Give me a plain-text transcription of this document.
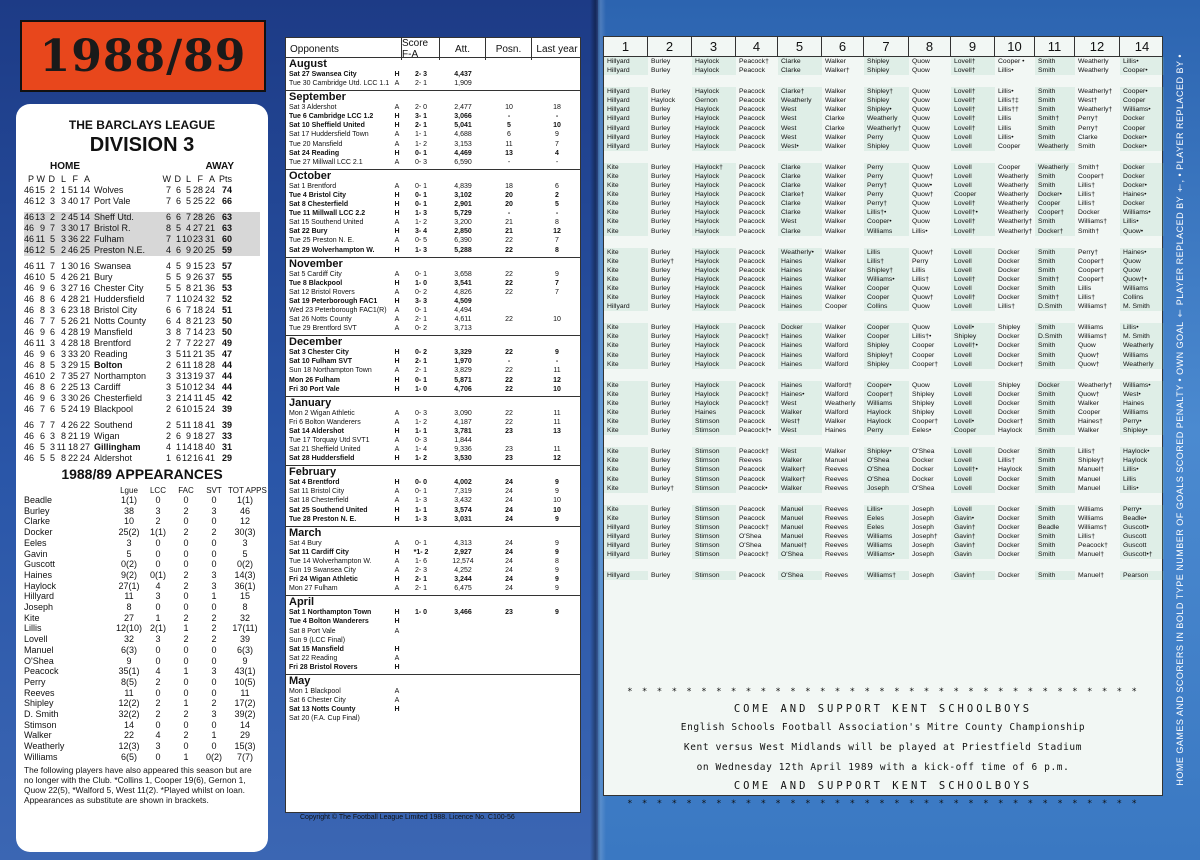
1988/89
THE BARCLAYS LEAGUE
DIVISION 3
HOME	AWAY
P W D L F A	W D L F A Pts
46 15 2 1 51 14 Wolves	7 6 5 28 24 74
46 12 3 3 40 17 Port Vale	7 6 5 25 22 66
46 13 2 2 45 14 Sheff Utd.	6 6 7 28 26 63
46 9 7 3 30 17 Bristol R.	8 5 4 27 21 63
46 11 5 3 36 22 Fulham	7 1 10 23 31 60
46 12 5 2 46 25 Preston N.E.	4 6 9 20 25 59
46 11 7 1 30 16 Swansea	4 5 9 15 23 57
46 10 5 4 26 21 Bury	5 5 9 26 37 55
46 9 6 3 27 16 Chester City	5 5 8 21 36 53
46 8 6 4 28 21 Huddersfield	7 1 10 24 32 52
46 8 3 6 23 18 Bristol City	6 6 7 18 24 51
46 7 7 5 26 21 Notts County	6 4 8 21 23 50
46 9 6 4 28 19 Mansfield	3 8 7 14 23 50
46 11 3 4 28 18 Brentford	2 7 7 22 27 49
46 9 6 3 33 20 Reading	3 5 11 21 35 47
46 8 5 3 29 15 Bolton	2 6 11 18 28 44
46 10 2 7 35 27 Northampton	3 3 13 19 37 44
46 8 6 2 25 13 Cardiff	3 5 10 12 34 44
46 9 6 3 30 26 Chesterfield	3 2 14 11 45 42
46 7 6 5 24 19 Blackpool	2 6 10 15 24 39
46 7 7 4 26 22 Southend	2 5 11 18 41 39
46 6 3 8 21 19 Wigan	2 6 9 18 27 33
46 5 3 11 18 27 Gillingham	4 1 14 18 40 31
46 5 5 8 22 24 Aldershot	1 6 12 16 41 29
1988/89 APPEARANCES
Lgue	LCC	FAC	SVT TOT APPS
Beadle	1(1)	0	0	0	1(1)
Burley	38	3	2	3	46
Clarke	10	2	0	0	12
Docker	25(2)	1(1)	2	2	30(3)
Eeles	3	0	0	0	3
Gavin	5	0	0	0	5
Guscott	0(2)	0	0	0	0(2)
Haines	9(2)	0(1)	2	3	14(3)
Haylock	27(1)	4	2	3	36(1)
Hillyard	11	3	0	1	15
Joseph	8	0	0	0	8
Kite	27	1	2	2	32
Lillis	12(10) 2(1)	1	2	17(11)
Lovell	32	3	2	2	39
Manuel	6(3)	0	0	0	6(3)
O'Shea	9	0	0	0	9
Peacock	35(1)	4	1	3	43(1)
Perry	8(5)	2	0	0	10(5)
Reeves	11	0	0	0	11
Shipley	12(2)	2	1	2	17(2)
D. Smith	32(2)	2	2	3	39(2)
Stimson	14	0	0	0	14
Walker	22	4	2	1	29
Weatherly	12(3)	3	0	0	15(3)
Williams	6(5)	0	1	0(2)	7(7)
The following players have also appeared this season but are no longer with the Club. *Collins 1, Cooper 19(6), Gernon 1, Quow 22(5), *Walford 5, West 11(2). *Played whilst on loan. Appearances as substitute are shown in brackets.
Opponents	Score F-A	Att.	Posn.	Last year
August
Sat 27 Swansea City	H	2- 3	4,437
Tue 30 Cambridge Utd. LCC 1.1 A	2- 1	1,909
September
Sat 3 Aldershot	A	2- 0	2,477	10	18
Tue 6 Cambridge LCC 1.2	H	3- 1	3,066	-	-
Sat 10 Sheffield United	H	2- 1	5,041	5	10
Sat 17 Huddersfield Town	A	1- 1	4,688	6	9
Tue 20 Mansfield	A	1- 2	3,153	11	7
Sat 24 Reading	H	0- 1	4,469	13	4
Tue 27 Millwall LCC 2.1	A	0- 3	6,590	-	-
October
Sat 1 Brentford	A	0- 1	4,839	18	6
Tue 4 Bristol City	H	0- 1	3,102	20	2
Sat 8 Chesterfield	H	0- 1	2,901	20	5
Tue 11 Millwall LCC 2.2	H	1- 3	5,729	-	-
Sat 15 Southend United	A	1- 2	3,200	21	8
Sat 22 Bury	H	3- 4	2,850	21	12
Tue 25 Preston N. E.	A	0- 5	6,390	22	7
Sat 29 Wolverhampton W.	H	1- 3	5,288	22	8
November
Sat 5 Cardiff City	A	0- 1	3,658	22	9
Tue 8 Blackpool	H	1- 0	3,541	22	7
Sat 12 Bristol Rovers	A	0- 2	4,826	22	7
Sat 19 Peterborough FAC1	H	3- 3	4,509
Wed 23 Peterborough FAC1(R)	A	0- 1	4,494
Sat 26 Notts County	A	2- 1	4,611	22	10
Tue 29 Brentford SVT	A	0- 2	3,713
December
Sat 3 Chester City	H	0- 2	3,329	22	9
Sat 10 Fulham SVT	H	2- 1	1,970	-	-
Sun 18 Northampton Town	A	2- 1	3,829	22	11
Mon 26 Fulham	H	0- 1	5,871	22	12
Fri 30 Port Vale	H	1- 0	4,706	22	10
January
Mon 2 Wigan Athletic	A	0- 3	3,090	22	11
Fri 6 Bolton Wanderers	A	1- 2	4,187	22	11
Sat 14 Aldershot	H	1- 1	3,781	23	13
Tue 17 Torquay Utd SVT1	A	0- 3	1,844
Sat 21 Sheffield United	A	1- 4	9,336	23	11
Sat 28 Huddersfield	H	1- 2	3,530	23	12
February
Sat 4 Brentford	H	0- 0	4,002	24	9
Sat 11 Bristol City	A	0- 1	7,319	24	9
Sat 18 Chesterfield	A	1- 3	3,432	24	10
Sat 25 Southend United	H	1- 1	3,574	24	10
Tue 28 Preston N. E.	H	1- 3	3,031	24	9
March
Sat 4 Bury	A	0- 1	4,313	24	9
Sat 11 Cardiff City	H	*1- 2	2,927	24	9
Tue 14 Wolverhampton W.	A	1- 6	12,574	24	8
Sun 19 Swansea City	A	2- 3	4,252	24	9
Fri 24 Wigan Athletic	H	2- 1	3,244	24	9
Mon 27 Fulham	A	2- 1	6,475	24	9
April
Sat 1 Northampton Town	H	1- 0	3,466	23	9
Tue 4 Bolton Wanderers	H
Sat 8 Port Vale	A
Sun 9 (LCC Final)
Sat 15 Mansfield	H
Sat 22 Reading	A
Fri 28 Bristol Rovers	H
May
Mon 1 Blackpool	A
Sat 6 Chester City	A
Sat 13 Notts County	H
Sat 20 (F.A. Cup Final)
Copyright © The Football League Limited 1988. Licence No. C100-56
1	2	3	4	5	6	7	8	9	10	11	12	14
Hillyard	Burley	Haylock	Peacock†	Clarke	Walker	Shipley	Quow	Lovell†	Cooper •	Smith	Weatherly	Lillis•
Hillyard	Burley	Haylock	Peacock	Clarke	Walker†	Shipley	Quow	Lovell†	Lillis•	Smith	Weatherly	Cooper•
Hillyard	Burley	Haylock	Peacock	Clarke†	Walker	Shipley†	Quow	Lovell†	Lillis•	Smith	Weatherly†	Cooper•
Hillyard	Haylock	Gernon	Peacock	Weatherly	Walker	Shipley	Quow	Lovell†	Lillis†‡	Smith	West†	Cooper
Hillyard	Burley	Haylock	Peacock	West	Walker	Shipley•	Quow	Lovell†	Lillis††	Smith	Weatherly†	Williams•
Hillyard	Burley	Haylock	Peacock	West	Clarke	Weatherly	Quow	Lovell†	Lillis	Smith†	Perry†	Docker
Hillyard	Burley	Haylock	Peacock	West	Clarke	Weatherly†	Quow	Lovell†	Lillis	Smith	Perry†	Cooper
Hillyard	Burley	Haylock	Peacock	West	Walker	Perry	Quow	Lovell	Lillis•	Smith	Clarke	Docker•
Hillyard	Burley	Haylock	Peacock	West•	Walker	Shipley	Quow	Lovell	Cooper	Weatherly	Smith	Docker•
Kite	Burley	Haylock†	Peacock	Clarke	Walker	Perry	Quow	Lovell	Cooper	Weatherly	Smith†	Docker
Kite	Burley	Haylock	Peacock	Clarke	Walker	Perry	Quow†	Lovell	Weatherly	Smith	Cooper†	Docker
Kite	Burley	Haylock	Peacock	Clarke	Walker	Perry†	Quow•	Lovell	Weatherly	Smith	Lillis†	Docker•
Kite	Burley	Haylock	Peacock	Clarke†	Walker	Perry	Quow†	Cooper	Weatherly	Docker•	Lillis†	Haines•
Kite	Burley	Haylock	Peacock	Clarke	Walker	Perry†	Quow	Lovell†	Weatherly	Cooper	Lillis†	Docker
Kite	Burley	Haylock	Peacock	Clarke	Walker	Lillis†•	Quow	Lovell†•	Weatherly	Cooper†	Docker	Williams•
Kite	Burley	Haylock	Peacock	West	Walker	Cooper•	Quow	Lovell†	Weatherly† Smith	Williams†	Lillis•
Kite	Burley	Haylock	Peacock	Clarke	Walker	Williams	Lillis•	Lovell†	Weatherly† Docker†	Smith†	Quow•
Kite	Burley	Haylock	Peacock	Weatherly•	Walker	Lillis	Quow†	Lovell	Docker	Smith	Perry†	Haines•
Kite	Burley†	Haylock	Peacock	Haines	Walker	Lillis†	Perry	Lovell	Docker	Smith	Cooper†	Quow
Kite	Burley	Haylock	Peacock	Haines	Walker	Shipley†	Lillis	Lovell	Docker	Smith	Cooper†	Quow
Kite	Burley	Haylock	Peacock	Haines	Walker	Williams•	Lillis†	Lovell†	Docker	Smith†	Cooper†	Quow†•
Kite	Burley	Haylock	Peacock	Haines	Walker	Cooper	Quow	Lovell	Docker	Smith	Lillis	Williams
Kite	Burley	Haylock	Peacock	Haines	Walker	Cooper	Quow†	Lovell†	Docker	Smith†	Lillis†	Collins
Hillyard	Burley	Haylock	Peacock	Haines	Cooper	Collins	Quow	Lovell	Lillis†	D.Smith	Williams†	M. Smith
Kite	Burley	Haylock	Peacock	Docker	Walker	Cooper	Quow	Lovell•	Shipley	Smith	Williams	Lillis•
Kite	Burley	Haylock	Peacock†	Haines	Walker	Cooper	Lillis†•	Shipley	Docker	D.Smith	Williams†	M. Smith
Kite	Burley	Haylock	Peacock	Haines	Walford	Shipley	Cooper	Lovell†•	Docker	Smith	Quow	Weatherly
Kite	Burley	Haylock	Peacock	Haines	Walford	Shipley†	Cooper	Lovell	Docker	Smith	Quow†	Williams
Kite	Burley	Haylock	Peacock	Haines	Walford	Shipley	Cooper†	Lovell	Docker†	Smith	Quow†	Weatherly
Kite	Burley	Haylock	Peacock	Haines	Walford†	Cooper•	Quow	Lovell	Shipley	Docker	Weatherly†	Williams•
Kite	Burley	Haylock	Peacock†	Haines•	Walford	Cooper†	Shipley	Lovell	Docker	Smith	Quow†	West•
Kite	Burley	Haylock	Peacock†	West	Weatherly	Williams	Shipley	Lovell	Docker	Smith	Walker	Haines
Kite	Burley	Haines	Peacock	Walker	Walford	Haylock	Shipley	Lovell	Docker	Smith	Cooper	Williams
Kite	Burley	Stimson	Peacock	West†	Walker	Haylock	Cooper†	Lovell•	Docker†	Smith	Haines†	Perry•
Kite	Burley	Stimson	Peacock†•	West	Haines	Perry	Eeles•	Cooper	Haylock	Smith	Walker	Shipley•
Kite	Burley	Stimson	Peacock†	West	Walker	Shipley•	O'Shea	Lovell	Docker	Smith	Lillis†	Haylock•
Kite	Burley	Stimson	Reeves	Walker	Manuel	O'Shea	Docker	Lovell	Lillis†	Smith	Shipley†	Haylock
Kite	Burley	Stimson	Peacock	Walker†	Reeves	O'Shea	Docker	Lovell†•	Haylock	Smith	Manuel†	Lillis•
Kite	Burley	Stimson	Peacock	Walker†	Reeves	O'Shea	Docker	Lovell	Docker	Smith	Manuel	Lillis
Kite	Burley†	Stimson	Peacock•	Walker	Reeves	Joseph	O'Shea	Lovell	Docker	Smith	Manuel	Lillis•
Kite	Burley	Stimson	Peacock	Manuel	Reeves	Lillis•	Joseph	Lovell	Docker	Smith	Williams	Perry•
Kite	Burley	Stimson	Peacock	Manuel	Reeves	Eeles	Joseph	Gavin•	Docker	Smith	Williams	Beadle•
Hillyard	Burley	Stimson	Peacock†	Manuel	Reeves	Eeles	Joseph	Gavin†	Docker	Beadle	Williams†	Guscott•
Hillyard	Burley	Stimson	O'Shea	Manuel	Reeves	Williams	Joseph†	Gavin†	Docker	Smith	Lillis†	Guscott
Hillyard	Burley	Stimson	O'Shea	Manuel†	Reeves	Williams	Joseph	Gavin†	Docker	Smith	Peacock†	Guscott
Hillyard	Burley	Stimson	Peacock†	O'Shea	Reeves	Williams•	Joseph	Gavin	Docker	Smith	Manuel†	Guscott•†
Hillyard	Burley	Stimson	Peacock	O'Shea	Reeves	Williams†	Joseph	Gavin†	Docker	Smith	Manuel†	Pearson
* * * * * * * * * * * * * * * * * * * * * * * * * * * * * * * * * * *
COME AND SUPPORT KENT SCHOOLBOYS
English Schools Football Association's Mitre County Championship
Kent versus West Midlands will be played at Priestfield Stadium
on Wednesday 12th April 1989 with a kick-off time of 6 p.m.
COME AND SUPPORT KENT SCHOOLBOYS
* * * * * * * * * * * * * * * * * * * * * * * * * * * * * * * * * * *
HOME GAMES AND SCORERS IN BOLD TYPE NUMBER OF GOALS SCORED PENALTY • OWN GOAL † PLAYER REPLACED BY †, • PLAYER REPLACED BY •
